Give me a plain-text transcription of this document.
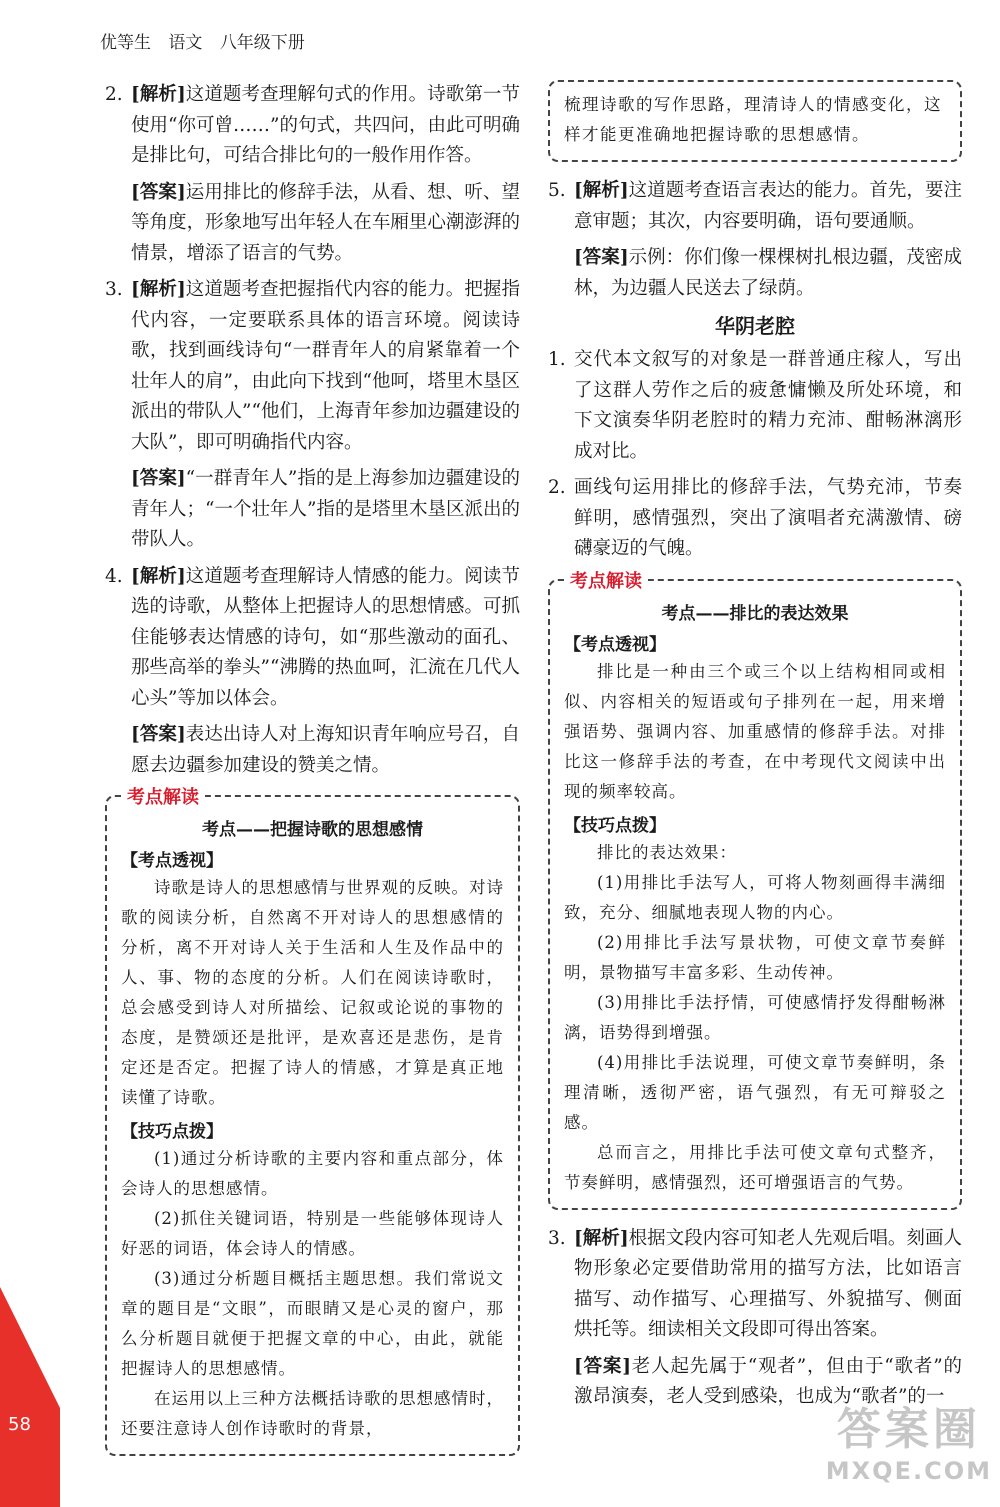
优等生 语文 八年级下册
2. [解析]这道题考查理解句式的作用。诗歌第一节使用“你可曾……”的句式，共四问，由此可明确是排比句，可结合排比句的一般作用作答。
[答案]运用排比的修辞手法，从看、想、听、望等角度，形象地写出年轻人在车厢里心潮澎湃的情景，增添了语言的气势。
3. [解析]这道题考查把握指代内容的能力。把握指代内容，一定要联系具体的语言环境。阅读诗歌，找到画线诗句“一群青年人的肩紧靠着一个壮年人的肩”，由此向下找到“他呵，塔里木垦区派出的带队人”“他们，上海青年参加边疆建设的大队”，即可明确指代内容。
[答案]“一群青年人”指的是上海参加边疆建设的青年人；“一个壮年人”指的是塔里木垦区派出的带队人。
4. [解析]这道题考查理解诗人情感的能力。阅读节选的诗歌，从整体上把握诗人的思想情感。可抓住能够表达情感的诗句，如“那些激动的面孔、那些高举的拳头”“沸腾的热血呵，汇流在几代人心头”等加以体会。
[答案]表达出诗人对上海知识青年响应号召，自愿去边疆参加建设的赞美之情。
考点解读
考点——把握诗歌的思想感情
【考点透视】

诗歌是诗人的思想感情与世界观的反映。对诗歌的阅读分析，自然离不开对诗人的思想感情的分析，离不开对诗人关于生活和人生及作品中的人、事、物的态度的分析。人们在阅读诗歌时，总会感受到诗人对所描绘、记叙或论说的事物的态度，是赞颂还是批评，是欢喜还是悲伤，是肯定还是否定。把握了诗人的情感，才算是真正地读懂了诗歌。

【技巧点拨】

(1)通过分析诗歌的主要内容和重点部分，体会诗人的思想感情。

(2)抓住关键词语，特别是一些能够体现诗人好恶的词语，体会诗人的情感。

(3)通过分析题目概括主题思想。我们常说文章的题目是“文眼”，而眼睛又是心灵的窗户，那么分析题目就便于把握文章的中心，由此，就能把握诗人的思想感情。

在运用以上三种方法概括诗歌的思想感情时，还要注意诗人创作诗歌时的背景，

梳理诗歌的写作思路，理清诗人的情感变化，这样才能更准确地把握诗歌的思想感情。
5. [解析]这道题考查语言表达的能力。首先，要注意审题；其次，内容要明确，语句要通顺。
[答案]示例：你们像一棵棵树扎根边疆，茂密成林，为边疆人民送去了绿荫。
华阴老腔
1. 交代本文叙写的对象是一群普通庄稼人，写出了这群人劳作之后的疲惫慵懒及所处环境，和下文演奏华阴老腔时的精力充沛、酣畅淋漓形成对比。
2. 画线句运用排比的修辞手法，气势充沛，节奏鲜明，感情强烈，突出了演唱者充满激情、磅礴豪迈的气魄。
考点解读
考点——排比的表达效果
【考点透视】

排比是一种由三个或三个以上结构相同或相似、内容相关的短语或句子排列在一起，用来增强语势、强调内容、加重感情的修辞手法。对排比这一修辞手法的考查，在中考现代文阅读中出现的频率较高。

【技巧点拨】

排比的表达效果：

(1)用排比手法写人，可将人物刻画得丰满细致，充分、细腻地表现人物的内心。

(2)用排比手法写景状物，可使文章节奏鲜明，景物描写丰富多彩、生动传神。

(3)用排比手法抒情，可使感情抒发得酣畅淋漓，语势得到增强。

(4)用排比手法说理，可使文章节奏鲜明，条理清晰，透彻严密，语气强烈，有无可辩驳之感。

总而言之，用排比手法可使文章句式整齐，节奏鲜明，感情强烈，还可增强语言的气势。

3. [解析]根据文段内容可知老人先观后唱。刻画人物形象必定要借助常用的描写方法，比如语言描写、动作描写、心理描写、外貌描写、侧面烘托等。细读相关文段即可得出答案。
[答案]老人起先属于“观者”，但由于“歌者”的激昂演奏，老人受到感染，也成为“歌者”的一
58	答案圈
MXQE.COM
